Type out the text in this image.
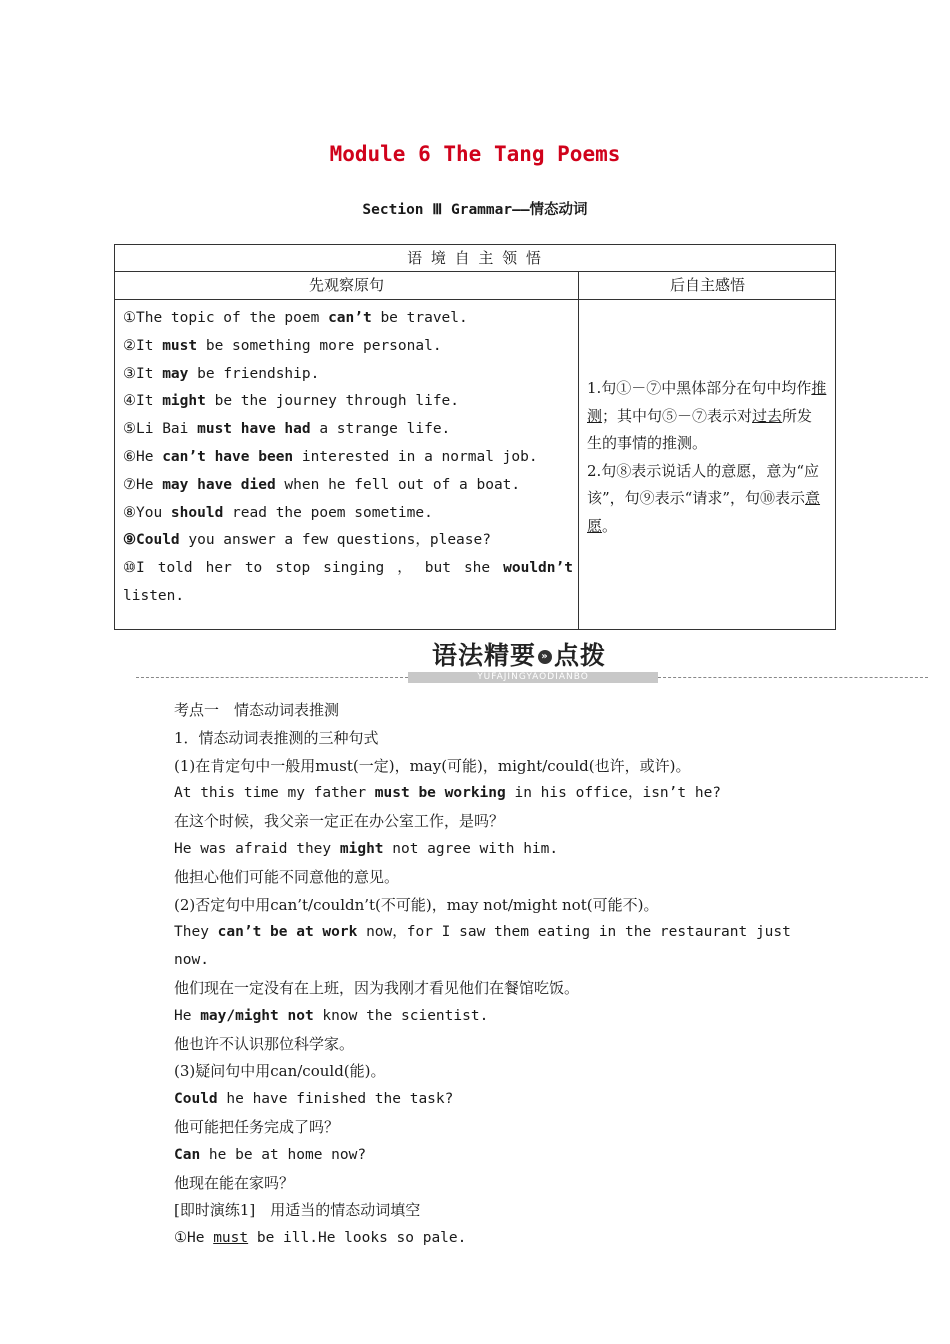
Module 6 The Tang Poems
Section Ⅲ Grammar——情态动词
语 境 自 主 领 悟
先观察原句	后自主感悟
①The topic of the poem can’t be travel.
②It must be something more personal.
③It may be friendship.
④It might be the journey through life.
⑤Li Bai must have had a strange life.
⑥He can’t have been interested in a normal job.
⑦He may have died when he fell out of a boat.
⑧You should read the poem sometime.
⑨Could you answer a few questions，please?
⑩I told her to stop singing ， but she wouldn’t
listen.
1.句①－⑦中黑体部分在句中均作推测；其中句⑤－⑦表示对过去所发生的事情的推测。
2.句⑧表示说话人的意愿，意为“应该”，句⑨表示“请求”，句⑩表示意愿。
语法精要 » 点拨
YUFAJINGYAODIANBO
考点一　情态动词表推测
1．情态动词表推测的三种句式
(1)在肯定句中一般用must(一定)，may(可能)，might/could(也许，或许)。
At this time my father must be working in his office，isn’t he?
在这个时候，我父亲一定正在办公室工作，是吗？
He was afraid they might not agree with him.
他担心他们可能不同意他的意见。
(2)否定句中用can’t/couldn’t(不可能)，may not/might not(可能不)。
They can’t be at work now，for I saw them eating in the restaurant just now.
他们现在一定没有在上班，因为我刚才看见他们在餐馆吃饭。
He may/might not know the scientist.
他也许不认识那位科学家。
(3)疑问句中用can/could(能)。
Could he have finished the task?
他可能把任务完成了吗？
Can he be at home now?
他现在能在家吗？
[即时演练1]　用适当的情态动词填空
①He must be ill.He looks so pale.
